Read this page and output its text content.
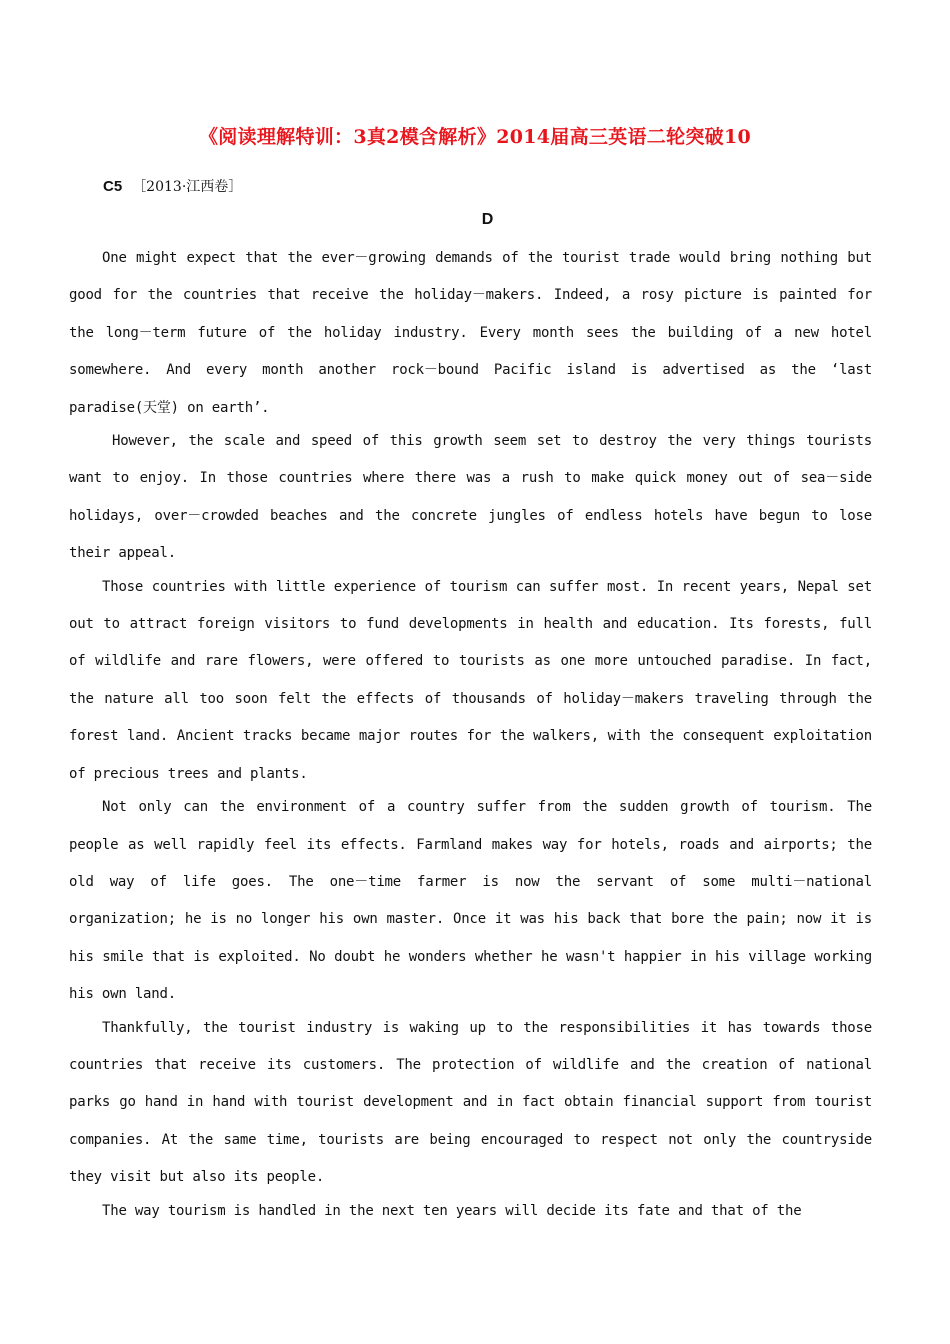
《阅读理解特训：3真2模含解析》2014届高三英语二轮突破10
C5 ［2013·江西卷］
D

One might expect that the ever－growing demands of the tourist trade would bring nothing but good for the countries that receive the holiday－makers. Indeed, a rosy picture is painted for the long－term future of the holiday industry. Every month sees the building of a new hotel somewhere. And every month another rock－bound Pacific island is advertised as the ‘last paradise(天堂) on earth’.

However, the scale and speed of this growth seem set to destroy the very things tourists want to enjoy. In those countries where there was a rush to make quick money out of sea－side holidays, over－crowded beaches and the concrete jungles of endless hotels have begun to lose their appeal.

Those countries with little experience of tourism can suffer most. In recent years, Nepal set out to attract foreign visitors to fund developments in health and education. Its forests, full of wildlife and rare flowers, were offered to tourists as one more untouched paradise. In fact, the nature all too soon felt the effects of thousands of holiday－makers traveling through the forest land. Ancient tracks became major routes for the walkers, with the consequent exploitation of precious trees and plants.

Not only can the environment of a country suffer from the sudden growth of tourism. The people as well rapidly feel its effects. Farmland makes way for hotels, roads and airports; the old way of life goes. The one－time farmer is now the servant of some multi－national organization; he is no longer his own master. Once it was his back that bore the pain; now it is his smile that is exploited. No doubt he wonders whether he wasn't happier in his village working his own land.

Thankfully, the tourist industry is waking up to the responsibilities it has towards those countries that receive its customers. The protection of wildlife and the creation of national parks go hand in hand with tourist development and in fact obtain financial support from tourist companies. At the same time, tourists are being encouraged to respect not only the countryside they visit but also its people.

The way tourism is handled in the next ten years will decide its fate and that of the
